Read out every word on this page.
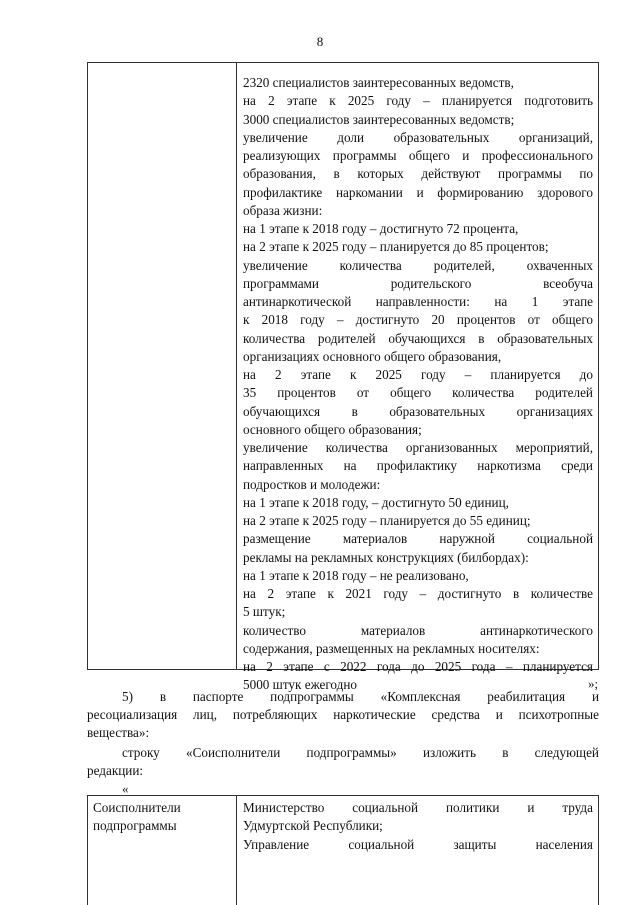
8
2320 специалистов заинтересованных ведомств,
на 2 этапе к 2025 году – планируется подготовить
3000 специалистов заинтересованных ведомств;
увеличение доли образовательных организаций,
реализующих программы общего и профессионального
образования, в которых действуют программы по
профилактике наркомании и формированию здорового
образа жизни:
на 1 этапе к 2018 году – достигнуто 72 процента,
на 2 этапе к 2025 году – планируется до 85 процентов;
увеличение количества родителей, охваченных
программами родительского всеобуча
антинаркотической направленности: на 1 этапе
к 2018 году – достигнуто 20 процентов от общего
количества родителей обучающихся в образовательных
организациях основного общего образования,
на 2 этапе к 2025 году – планируется до
35 процентов от общего количества родителей
обучающихся в образовательных организациях
основного общего образования;
увеличение количества организованных мероприятий,
направленных на профилактику наркотизма среди
подростков и молодежи:
на 1 этапе к 2018 году, – достигнуто 50 единиц,
на 2 этапе к 2025 году – планируется до 55 единиц;
размещение материалов наружной социальной
рекламы на рекламных конструкциях (билбордах):
на 1 этапе к 2018 году – не реализовано,
на 2 этапе к 2021 году – достигнуто в количестве
5 штук;
количество материалов антинаркотического
содержания, размещенных на рекламных носителях:
на 2 этапе с 2022 года до 2025 года – планируется
5000 штук ежегодно	»;
5) в паспорте подпрограммы «Комплексная реабилитация и
ресоциализация лиц, потребляющих наркотические средства и психотропные
вещества»:
строку «Соисполнители подпрограммы» изложить в следующей
редакции:
«
Соисполнители
подпрограммы
Министерство социальной политики и труда
Удмуртской Республики;
Управление социальной защиты населения
